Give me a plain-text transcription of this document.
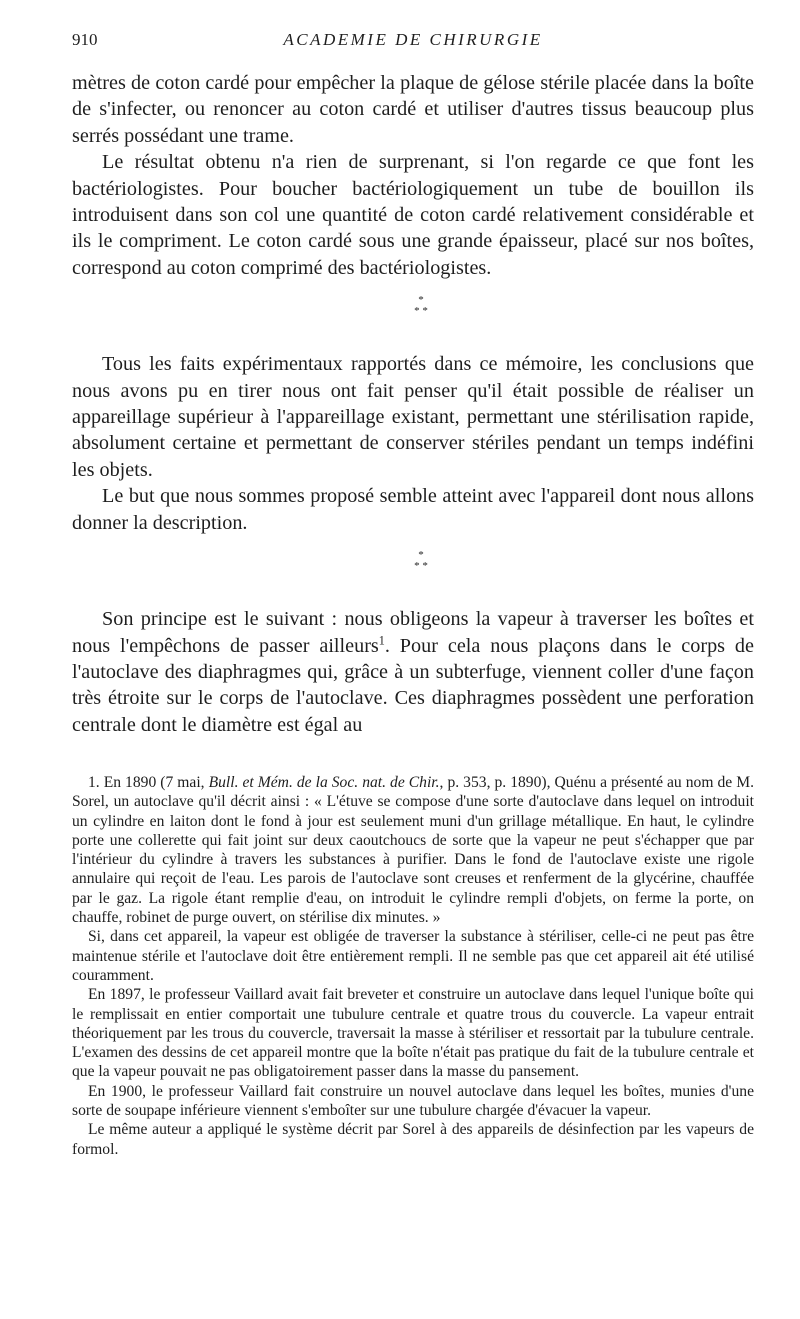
910	ACADEMIE DE CHIRURGIE

mètres de coton cardé pour empêcher la plaque de gélose stérile placée dans la boîte de s'infecter, ou renoncer au coton cardé et utiliser d'autres tissus beaucoup plus serrés possédant une trame.

Le résultat obtenu n'a rien de surprenant, si l'on regarde ce que font les bactériologistes. Pour boucher bactériologiquement un tube de bouillon ils introduisent dans son col une quantité de coton cardé relativement considérable et ils le compriment. Le coton cardé sous une grande épaisseur, placé sur nos boîtes, correspond au coton comprimé des bactériologistes.

*
* *

Tous les faits expérimentaux rapportés dans ce mémoire, les conclusions que nous avons pu en tirer nous ont fait penser qu'il était possible de réaliser un appareillage supérieur à l'appareillage existant, permettant une stérilisation rapide, absolument certaine et permettant de conserver stériles pendant un temps indéfini les objets.

Le but que nous sommes proposé semble atteint avec l'appareil dont nous allons donner la description.

*
* *

Son principe est le suivant : nous obligeons la vapeur à traverser les boîtes et nous l'empêchons de passer ailleurs$^1$. Pour cela nous plaçons dans le corps de l'autoclave des diaphragmes qui, grâce à un subterfuge, viennent coller d'une façon très étroite sur le corps de l'autoclave. Ces diaphragmes possèdent une perforation centrale dont le diamètre est égal au

1. En 1890 (7 mai, Bull. et Mém. de la Soc. nat. de Chir., p. 353, p. 1890), Quénu a présenté au nom de M. Sorel, un autoclave qu'il décrit ainsi : « L'étuve se compose d'une sorte d'autoclave dans lequel on introduit un cylindre en laiton dont le fond à jour est seulement muni d'un grillage métallique. En haut, le cylindre porte une collerette qui fait joint sur deux caoutchoucs de sorte que la vapeur ne peut s'échapper que par l'intérieur du cylindre à travers les substances à purifier. Dans le fond de l'autoclave existe une rigole annulaire qui reçoit de l'eau. Les parois de l'autoclave sont creuses et renferment de la glycérine, chauffée par le gaz. La rigole étant remplie d'eau, on introduit le cylindre rempli d'objets, on ferme la porte, on chauffe, robinet de purge ouvert, on stérilise dix minutes. »

Si, dans cet appareil, la vapeur est obligée de traverser la substance à stériliser, celle-ci ne peut pas être maintenue stérile et l'autoclave doit être entièrement rempli. Il ne semble pas que cet appareil ait été utilisé couramment.

En 1897, le professeur Vaillard avait fait breveter et construire un autoclave dans lequel l'unique boîte qui le remplissait en entier comportait une tubulure centrale et quatre trous du couvercle. La vapeur entrait théoriquement par les trous du couvercle, traversait la masse à stériliser et ressortait par la tubulure centrale. L'examen des dessins de cet appareil montre que la boîte n'était pas pratique du fait de la tubulure centrale et que la vapeur pouvait ne pas obligatoirement passer dans la masse du pansement.

En 1900, le professeur Vaillard fait construire un nouvel autoclave dans lequel les boîtes, munies d'une sorte de soupape inférieure viennent s'emboîter sur une tubulure chargée d'évacuer la vapeur.

Le même auteur a appliqué le système décrit par Sorel à des appareils de désinfection par les vapeurs de formol.
